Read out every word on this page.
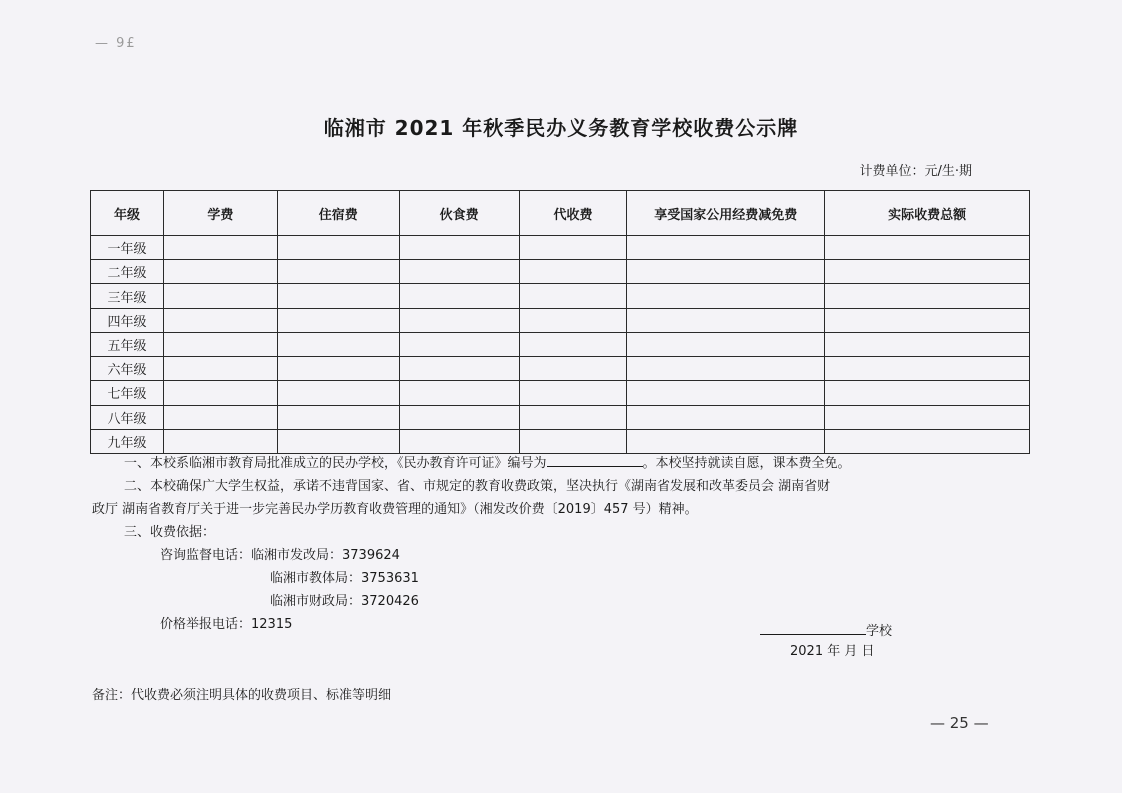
— 9£
临湘市 2021 年秋季民办义务教育学校收费公示牌
计费单位：元/生·期
年级	学费	住宿费	伙食费	代收费	享受国家公用经费减免费	实际收费总额
一年级						
二年级						
三年级						
四年级						
五年级						
六年级						
七年级						
八年级						
九年级						

一、本校系临湘市教育局批准成立的民办学校，《民办教育许可证》编号为	。本校坚持就读自愿，课本费全免。

二、本校确保广大学生权益，承诺不违背国家、省、市规定的教育收费政策，坚决执行《湖南省发展和改革委员会 湖南省财

政厅 湖南省教育厅关于进一步完善民办学历教育收费管理的通知》（湘发改价费〔2019〕457 号）精神。

三、收费依据：

咨询监督电话：临湘市发改局：3739624

临湘市教体局：3753631

临湘市财政局：3720426

价格举报电话：12315	学校
2021 年 月 日
备注：代收费必须注明具体的收费项目、标准等明细
— 25 —
